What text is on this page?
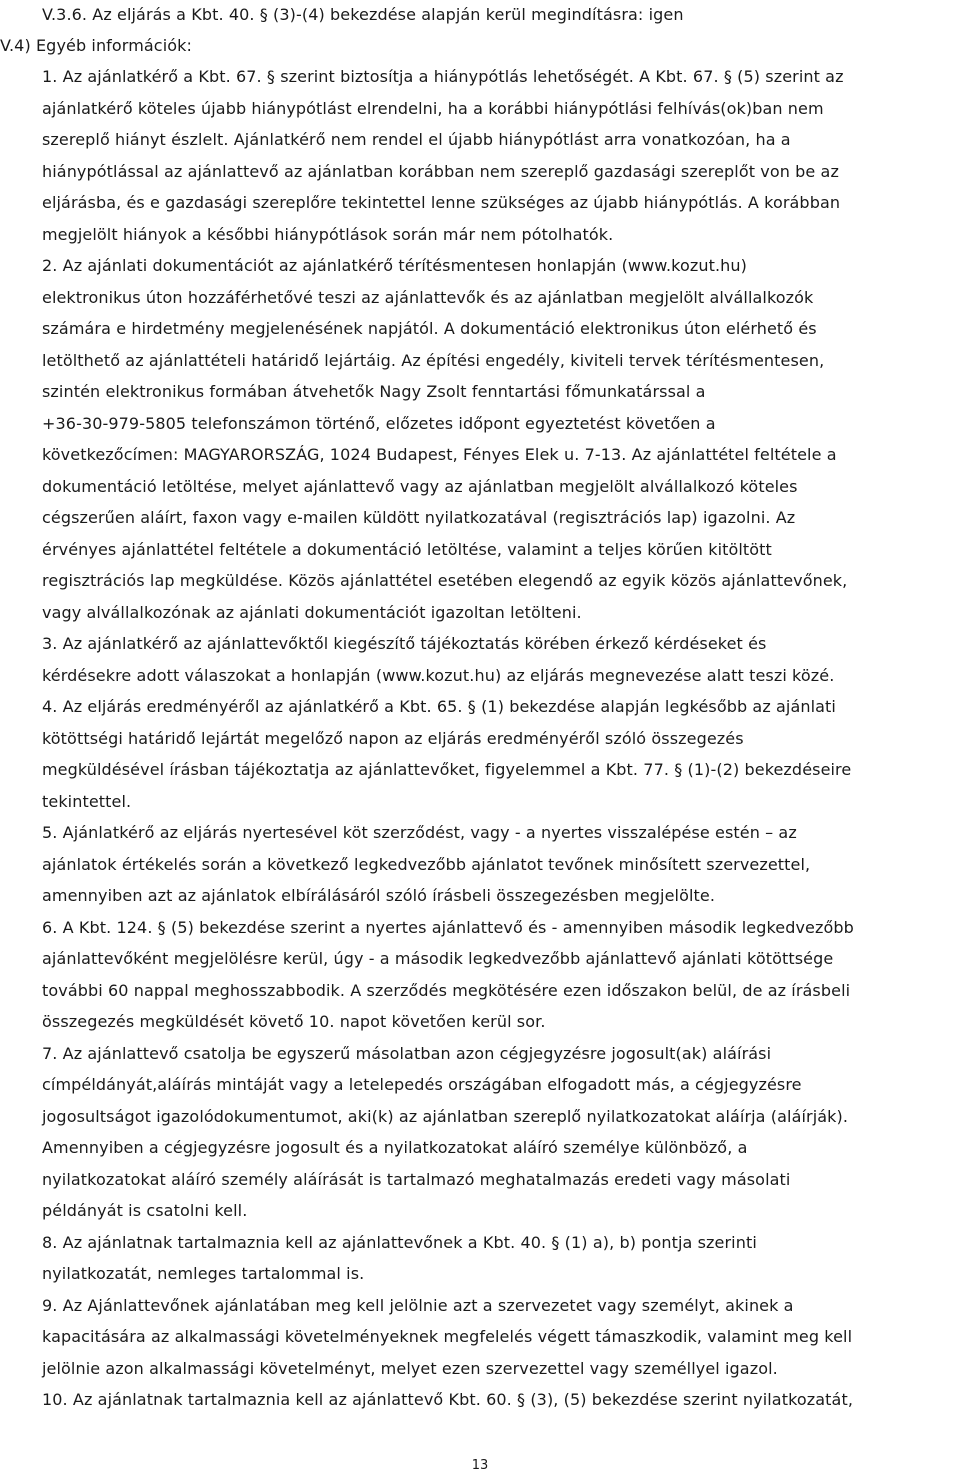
V.3.6. Az eljárás a Kbt. 40. § (3)-(4) bekezdése alapján kerül megindításra: igen
V.4) Egyéb információk:
1. Az ajánlatkérő a Kbt. 67. § szerint biztosítja a hiánypótlás lehetőségét. A Kbt. 67. § (5) szerint az
ajánlatkérő köteles újabb hiánypótlást elrendelni, ha a korábbi hiánypótlási felhívás(ok)ban nem
szereplő hiányt észlelt. Ajánlatkérő nem rendel el újabb hiánypótlást arra vonatkozóan, ha a
hiánypótlással az ajánlattevő az ajánlatban korábban nem szereplő gazdasági szereplőt von be az
eljárásba, és e gazdasági szereplőre tekintettel lenne szükséges az újabb hiánypótlás. A korábban
megjelölt hiányok a későbbi hiánypótlások során már nem pótolhatók.
2. Az ajánlati dokumentációt az ajánlatkérő térítésmentesen honlapján (www.kozut.hu)
elektronikus úton hozzáférhetővé teszi az ajánlattevők és az ajánlatban megjelölt alvállalkozók
számára e hirdetmény megjelenésének napjától. A dokumentáció elektronikus úton elérhető és
letölthető az ajánlattételi határidő lejártáig. Az építési engedély, kiviteli tervek térítésmentesen,
szintén elektronikus formában átvehetők Nagy Zsolt fenntartási főmunkatárssal a
+36-30-979-5805 telefonszámon történő, előzetes időpont egyeztetést követően a
következőcímen: MAGYARORSZÁG, 1024 Budapest, Fényes Elek u. 7-13. Az ajánlattétel feltétele a
dokumentáció letöltése, melyet ajánlattevő vagy az ajánlatban megjelölt alvállalkozó köteles
cégszerűen aláírt, faxon vagy e-mailen küldött nyilatkozatával (regisztrációs lap) igazolni. Az
érvényes ajánlattétel feltétele a dokumentáció letöltése, valamint a teljes körűen kitöltött
regisztrációs lap megküldése. Közös ajánlattétel esetében elegendő az egyik közös ajánlattevőnek,
vagy alvállalkozónak az ajánlati dokumentációt igazoltan letölteni.
3. Az ajánlatkérő az ajánlattevőktől kiegészítő tájékoztatás körében érkező kérdéseket és
kérdésekre adott válaszokat a honlapján (www.kozut.hu) az eljárás megnevezése alatt teszi közé.
4. Az eljárás eredményéről az ajánlatkérő a Kbt. 65. § (1) bekezdése alapján legkésőbb az ajánlati
kötöttségi határidő lejártát megelőző napon az eljárás eredményéről szóló összegezés
megküldésével írásban tájékoztatja az ajánlattevőket, figyelemmel a Kbt. 77. § (1)-(2) bekezdéseire
tekintettel.
5. Ajánlatkérő az eljárás nyertesével köt szerződést, vagy - a nyertes visszalépése estén – az
ajánlatok értékelés során a következő legkedvezőbb ajánlatot tevőnek minősített szervezettel,
amennyiben azt az ajánlatok elbírálásáról szóló írásbeli összegezésben megjelölte.
6. A Kbt. 124. § (5) bekezdése szerint a nyertes ajánlattevő és - amennyiben második legkedvezőbb
ajánlattevőként megjelölésre kerül, úgy - a második legkedvezőbb ajánlattevő ajánlati kötöttsége
további 60 nappal meghosszabbodik. A szerződés megkötésére ezen időszakon belül, de az írásbeli
összegezés megküldését követő 10. napot követően kerül sor.
7. Az ajánlattevő csatolja be egyszerű másolatban azon cégjegyzésre jogosult(ak) aláírási
címpéldányát,aláírás mintáját vagy a letelepedés országában elfogadott más, a cégjegyzésre
jogosultságot igazolódokumentumot, aki(k) az ajánlatban szereplő nyilatkozatokat aláírja (aláírják).
Amennyiben a cégjegyzésre jogosult és a nyilatkozatokat aláíró személye különböző, a
nyilatkozatokat aláíró személy aláírását is tartalmazó meghatalmazás eredeti vagy másolati
példányát is csatolni kell.
8. Az ajánlatnak tartalmaznia kell az ajánlattevőnek a Kbt. 40. § (1) a), b) pontja szerinti
nyilatkozatát, nemleges tartalommal is.
9. Az Ajánlattevőnek ajánlatában meg kell jelölnie azt a szervezetet vagy személyt, akinek a
kapacitására az alkalmassági követelményeknek megfelelés végett támaszkodik, valamint meg kell
jelölnie azon alkalmassági követelményt, melyet ezen szervezettel vagy személlyel igazol.
10. Az ajánlatnak tartalmaznia kell az ajánlattevő Kbt. 60. § (3), (5) bekezdése szerint nyilatkozatát,
13
